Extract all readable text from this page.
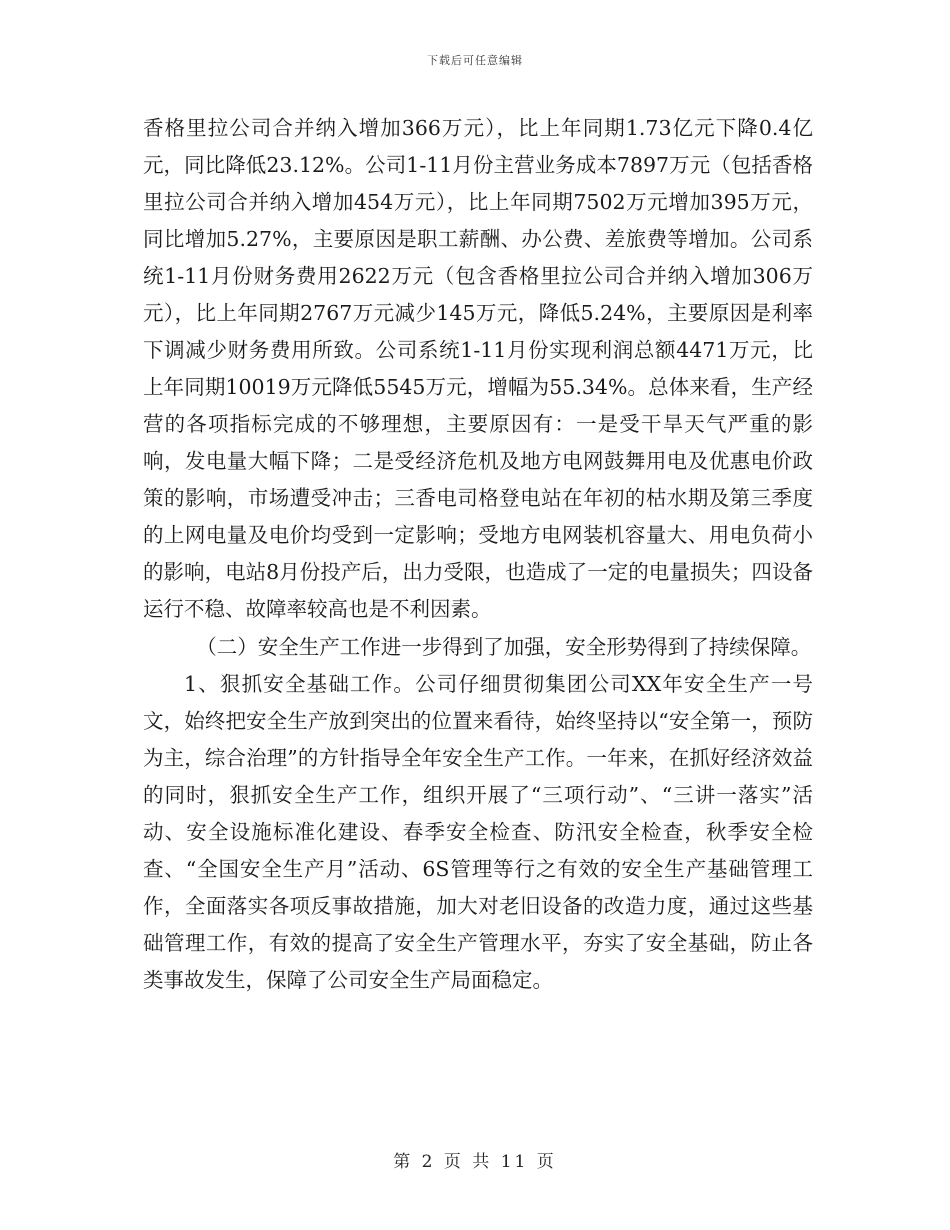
下载后可任意编辑

香格里拉公司合并纳入增加366万元），比上年同期1.73亿元下降0.4亿元，同比降低23.12%。公司1-11月份主营业务成本7897万元（包括香格里拉公司合并纳入增加454万元），比上年同期7502万元增加395万元，同比增加5.27%，主要原因是职工薪酬、办公费、差旅费等增加。公司系统1-11月份财务费用2622万元（包含香格里拉公司合并纳入增加306万元），比上年同期2767万元减少145万元，降低5.24%，主要原因是利率下调减少财务费用所致。公司系统1-11月份实现利润总额4471万元，比上年同期10019万元降低5545万元，增幅为55.34%。总体来看，生产经营的各项指标完成的不够理想，主要原因有：一是受干旱天气严重的影响，发电量大幅下降；二是受经济危机及地方电网鼓舞用电及优惠电价政策的影响，市场遭受冲击；三香电司格登电站在年初的枯水期及第三季度的上网电量及电价均受到一定影响；受地方电网装机容量大、用电负荷小的影响，电站8月份投产后，出力受限，也造成了一定的电量损失；四设备运行不稳、故障率较高也是不利因素。

（二）安全生产工作进一步得到了加强，安全形势得到了持续保障。

1、狠抓安全基础工作。公司仔细贯彻集团公司XX年安全生产一号文，始终把安全生产放到突出的位置来看待，始终坚持以“安全第一，预防为主，综合治理”的方针指导全年安全生产工作。一年来，在抓好经济效益的同时，狠抓安全生产工作，组织开展了“三项行动”、“三讲一落实”活动、安全设施标准化建设、春季安全检查、防汛安全检查，秋季安全检查、“全国安全生产月”活动、6S管理等行之有效的安全生产基础管理工作，全面落实各项反事故措施，加大对老旧设备的改造力度，通过这些基础管理工作，有效的提高了安全生产管理水平，夯实了安全基础，防止各类事故发生，保障了公司安全生产局面稳定。

第 2 页 共 11 页
